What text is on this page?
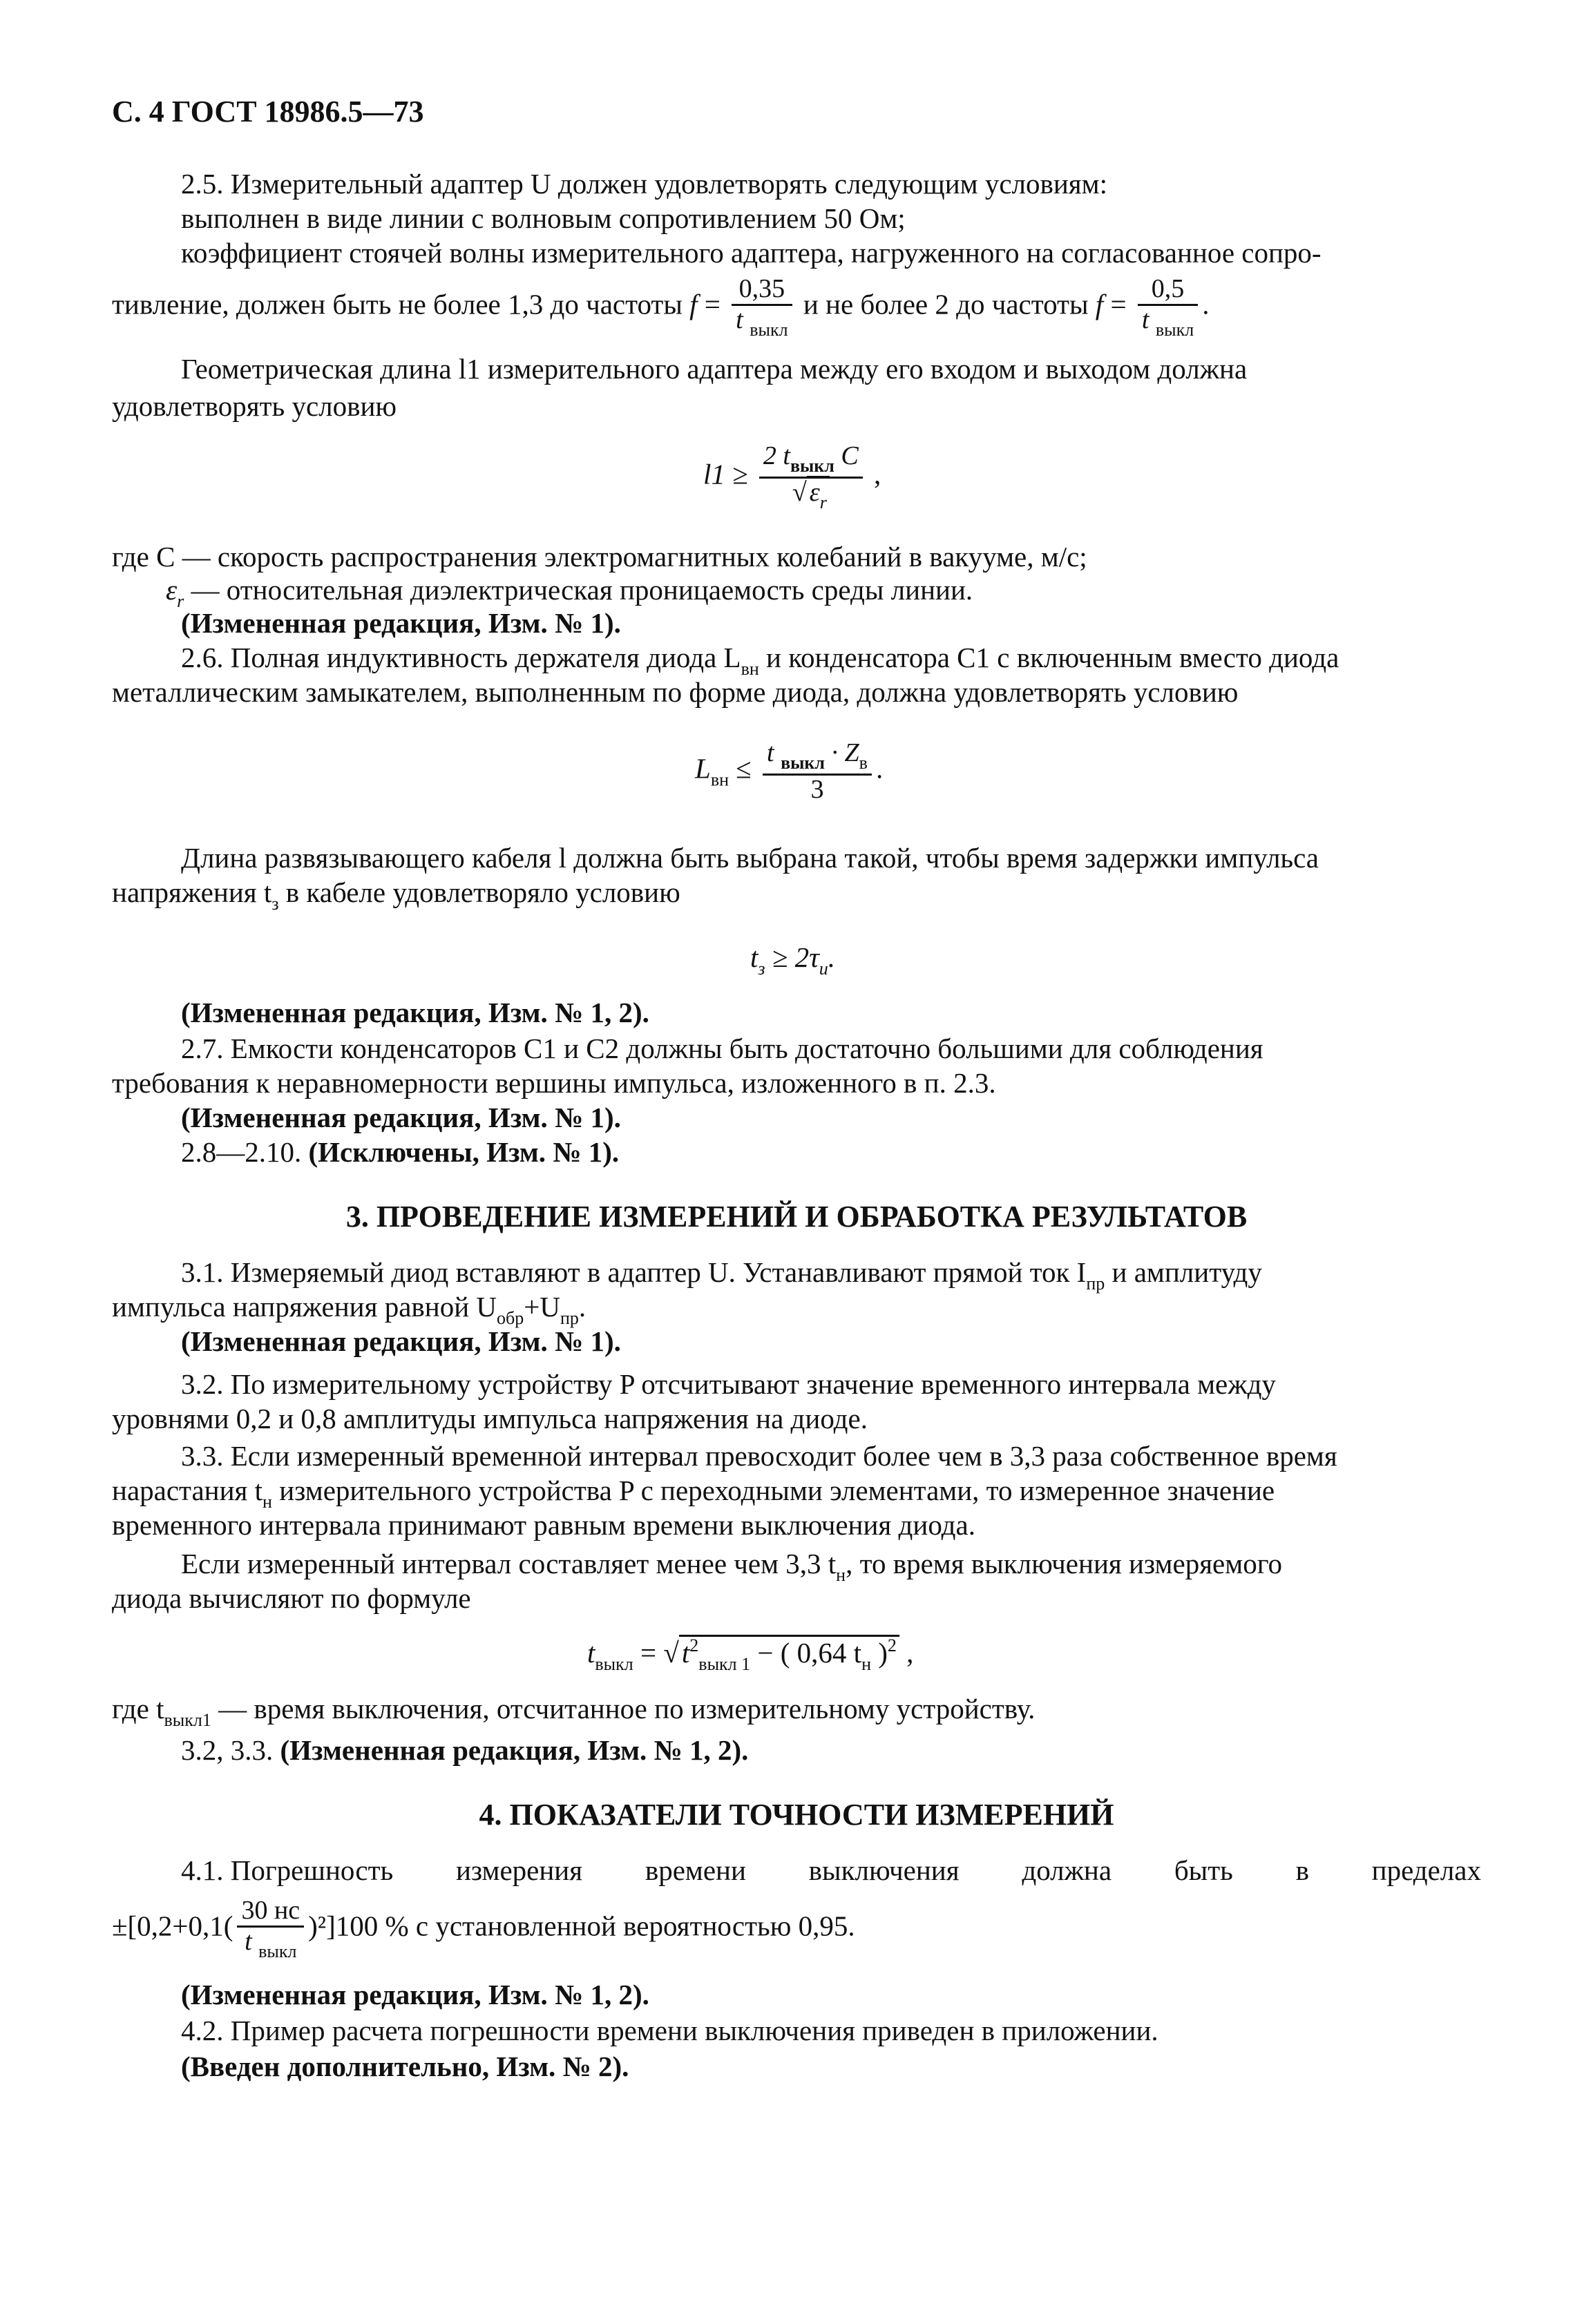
С. 4 ГОСТ 18986.5—73
2.5. Измерительный адаптер U должен удовлетворять следующим условиям:
выполнен в виде линии с волновым сопротивлением 50 Ом;
коэффициент стоячей волны измерительного адаптера, нагруженного на согласованное сопро-
тивление, должен быть не более 1,3 до частоты $f = \frac{0,35}{t _{выкл}}$ и не более 2 до частоты $f = \frac{0,5}{t _{выкл}}$ .
Геометрическая длина l1 измерительного адаптера между его входом и выходом должна
удовлетворять условию
$l1 \ge \frac{2 t_{выкл} C}{√ \varepsilon_r}$ ,
где C — скорость распространения электромагнитных колебаний в вакууме, м/с;
$\varepsilon_r$ — относительная диэлектрическая проницаемость среды линии.
(Измененная редакция, Изм. № 1).
2.6. Полная индуктивность держателя диода $L_{вн}$ и конденсатора C1 с включенным вместо диода
металлическим замыкателем, выполненным по форме диода, должна удовлетворять условию
$L_{вн} \le \frac{t _{выкл} \cdot Z_в}{3}$ .
Длина развязывающего кабеля l должна быть выбрана такой, чтобы время задержки импульса
напряжения $t_з$ в кабеле удовлетворяло условию
$t_з \ge 2\tau_и$.
(Измененная редакция, Изм. № 1, 2).
2.7. Емкости конденсаторов C1 и C2 должны быть достаточно большими для соблюдения
требования к неравномерности вершины импульса, изложенного в п. 2.3.
(Измененная редакция, Изм. № 1).
2.8—2.10. (Исключены, Изм. № 1).
3. ПРОВЕДЕНИЕ ИЗМЕРЕНИЙ И ОБРАБОТКА РЕЗУЛЬТАТОВ
3.1. Измеряемый диод вставляют в адаптер U. Устанавливают прямой ток $I_{пр}$ и амплитуду
импульса напряжения равной $U_{обр}+U_{пр}$.
(Измененная редакция, Изм. № 1).
3.2. По измерительному устройству P отсчитывают значение временного интервала между
уровнями 0,2 и 0,8 амплитуды импульса напряжения на диоде.
3.3. Если измеренный временной интервал превосходит более чем в 3,3 раза собственное время
нарастания $t_н$ измерительного устройства P с переходными элементами, то измеренное значение
временного интервала принимают равным времени выключения диода.
Если измеренный интервал составляет менее чем 3,3 $t_н$, то время выключения измеряемого
диода вычисляют по формуле
$t_{выкл} = √t^2_{выкл 1}$ − ( 0,64 $t_н$ )$^2$ ,
где $t_{выкл1}$ — время выключения, отсчитанное по измерительному устройству.
3.2, 3.3. (Измененная редакция, Изм. № 1, 2).
4. ПОКАЗАТЕЛИ ТОЧНОСТИ ИЗМЕРЕНИЙ
4.1. Погрешность измерения времени выключения должна быть в пределах
$\pm[0,2+0,1( \frac{30 нс}{t _{выкл}} )^2]100$ % с установленной вероятностью 0,95.
(Измененная редакция, Изм. № 1, 2).
4.2. Пример расчета погрешности времени выключения приведен в приложении.
(Введен дополнительно, Изм. № 2).
